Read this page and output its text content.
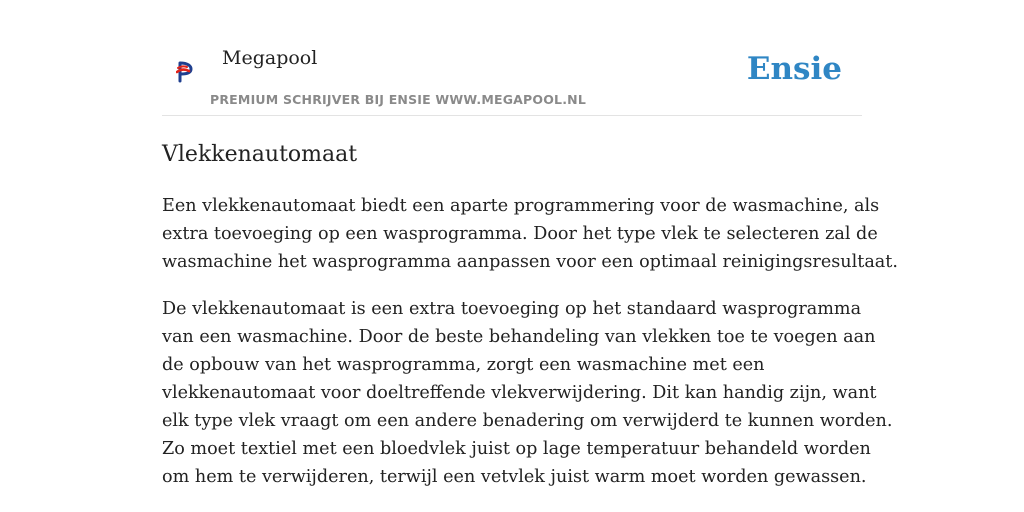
Megapool
PREMIUM SCHRIJVER BIJ ENSIE WWW.MEGAPOOL.NL
Ensie
Vlekkenautomaat
Een vlekkenautomaat biedt een aparte programmering voor de wasmachine, als
extra toevoeging op een wasprogramma. Door het type vlek te selecteren zal de
wasmachine het wasprogramma aanpassen voor een optimaal reinigingsresultaat.
De vlekkenautomaat is een extra toevoeging op het standaard wasprogramma
van een wasmachine. Door de beste behandeling van vlekken toe te voegen aan
de opbouw van het wasprogramma, zorgt een wasmachine met een
vlekkenautomaat voor doeltreffende vlekverwijdering. Dit kan handig zijn, want
elk type vlek vraagt om een andere benadering om verwijderd te kunnen worden.
Zo moet textiel met een bloedvlek juist op lage temperatuur behandeld worden
om hem te verwijderen, terwijl een vetvlek juist warm moet worden gewassen.
